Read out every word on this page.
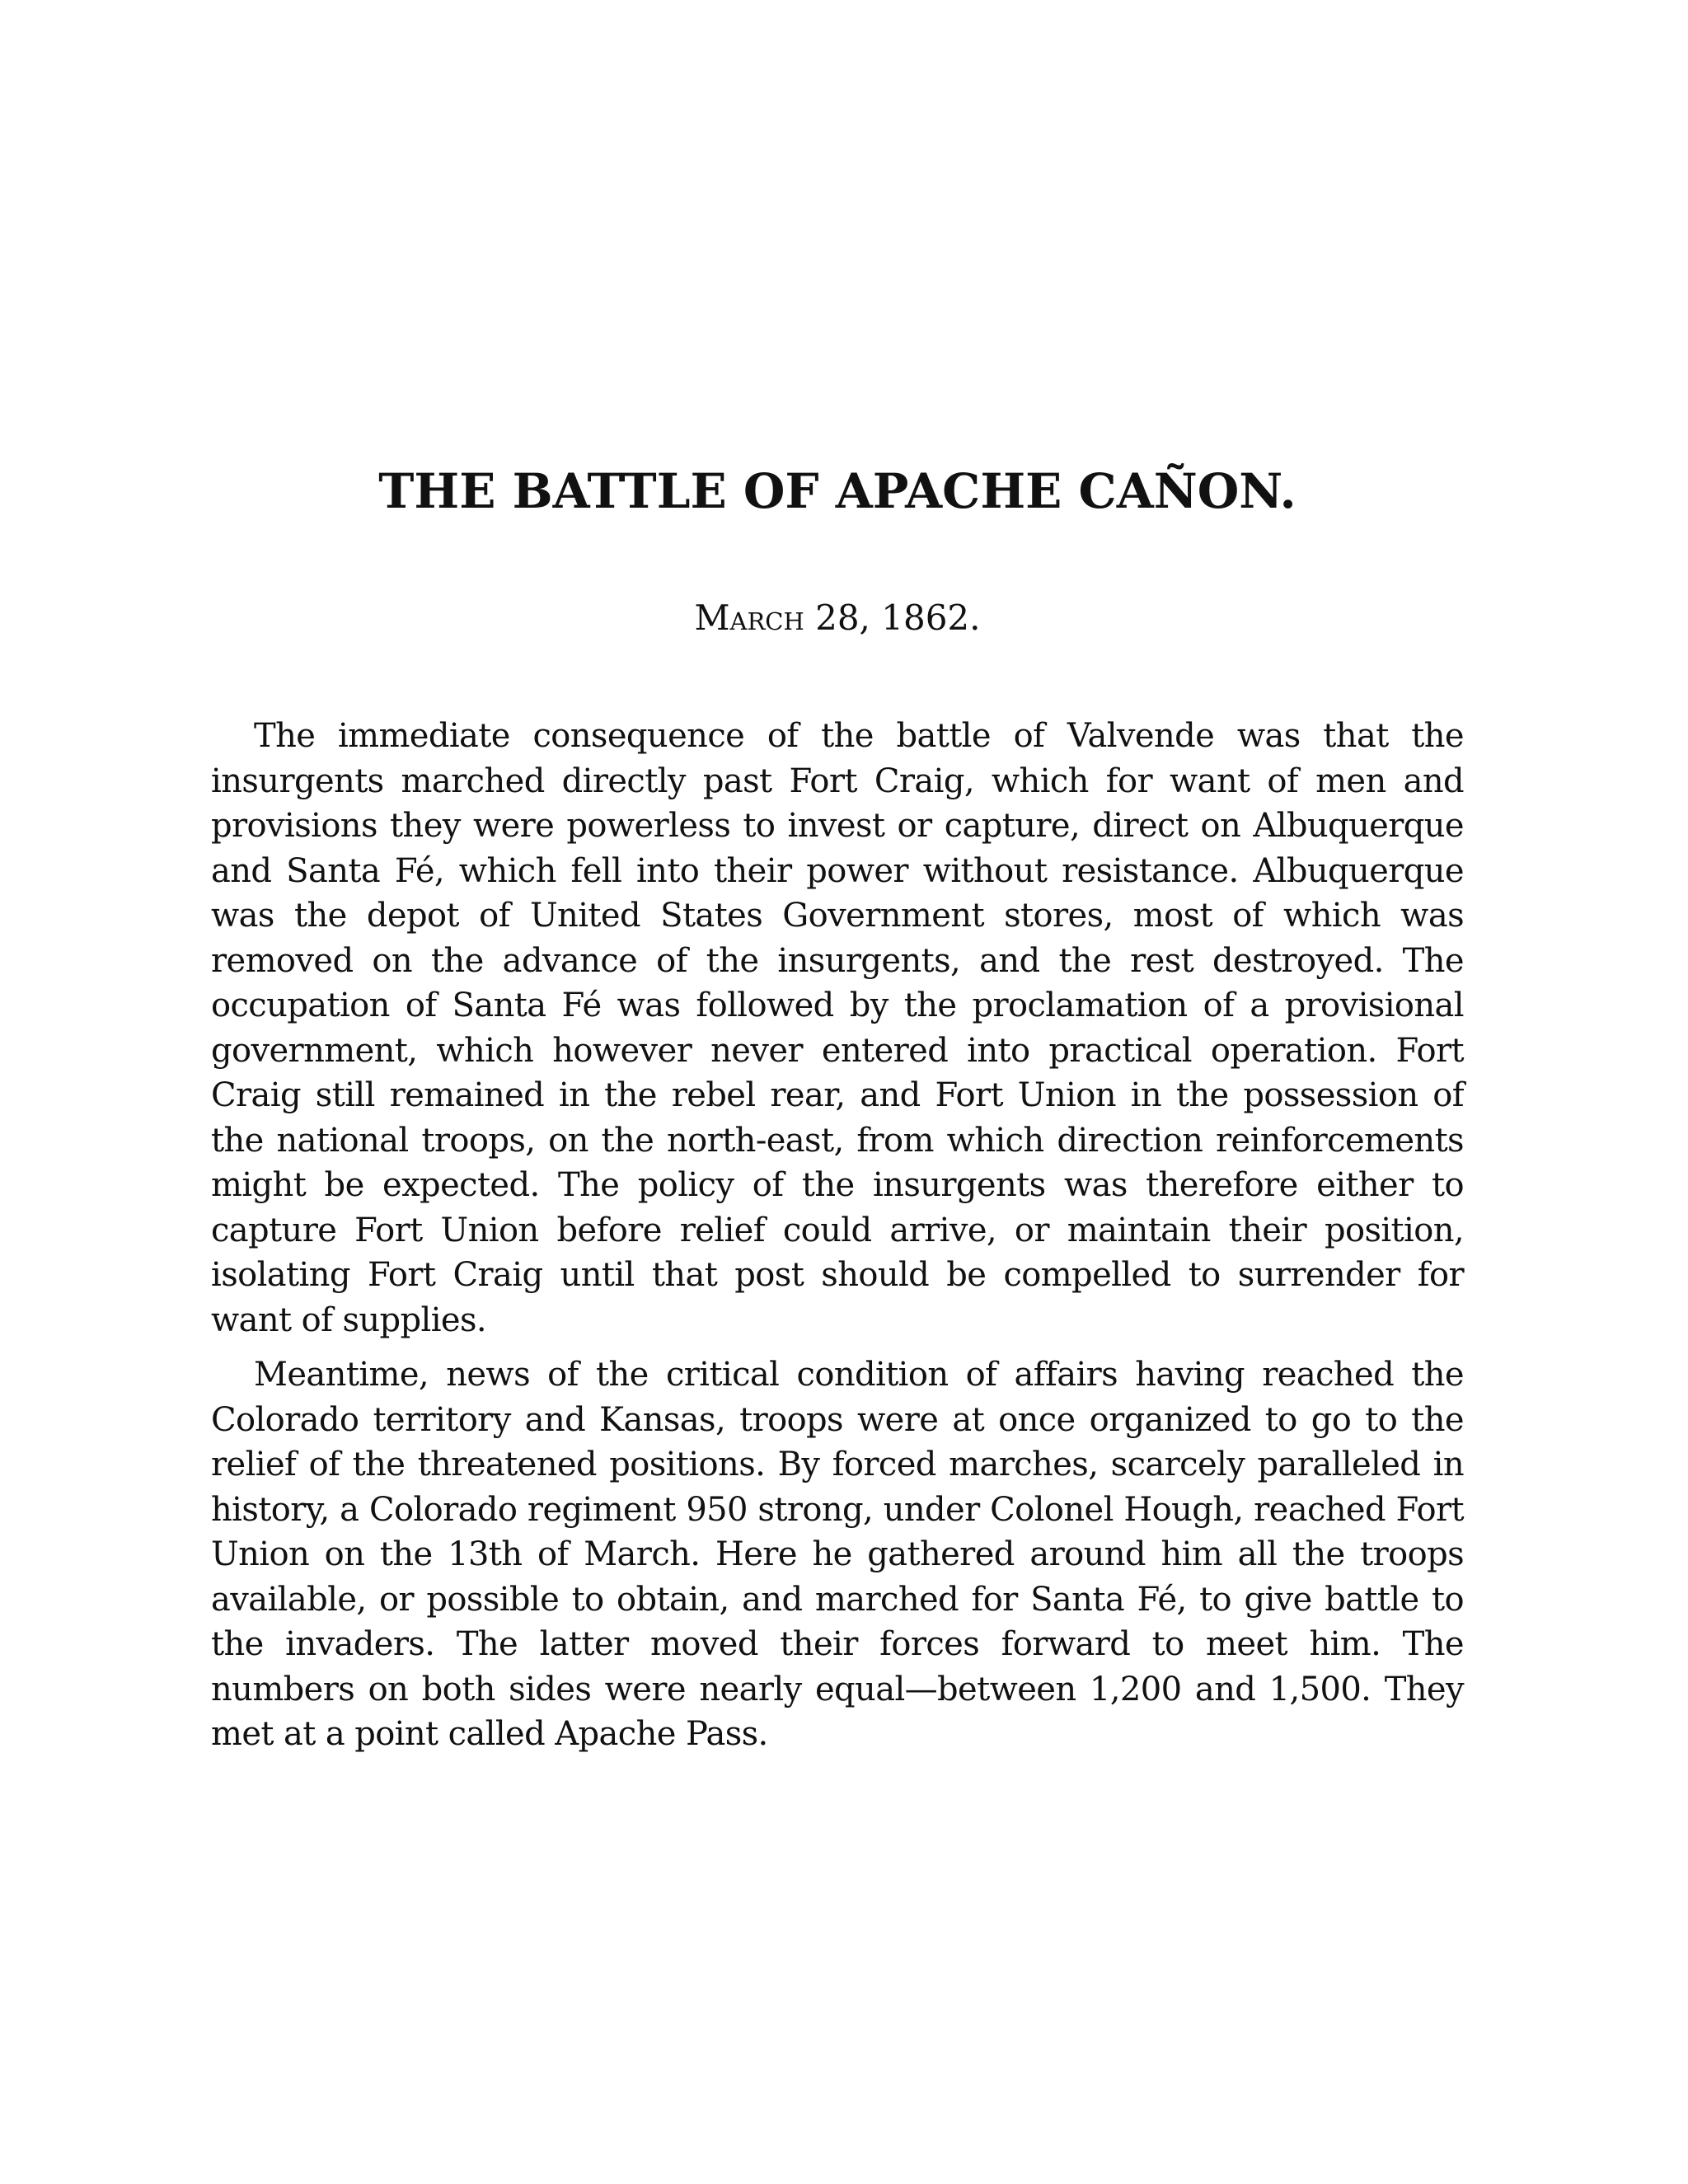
THE BATTLE OF APACHE CAÑON.

March 28, 1862.

The immediate consequence of the battle of Valvende was that the insurgents marched directly past Fort Craig, which for want of men and provisions they were powerless to invest or capture, direct on Albuquerque and Santa Fé, which fell into their power without resistance. Albuquerque was the depot of United States Government stores, most of which was removed on the advance of the insurgents, and the rest destroyed. The occupation of Santa Fé was followed by the proclamation of a provisional government, which however never entered into practical operation. Fort Craig still remained in the rebel rear, and Fort Union in the possession of the national troops, on the north-east, from which direction reinforcements might be expected. The policy of the insurgents was therefore either to capture Fort Union before relief could arrive, or maintain their position, isolating Fort Craig until that post should be compelled to surrender for want of supplies.

Meantime, news of the critical condition of affairs having reached the Colorado territory and Kansas, troops were at once organized to go to the relief of the threatened positions. By forced marches, scarcely paralleled in history, a Colorado regiment 950 strong, under Colonel Hough, reached Fort Union on the 13th of March. Here he gathered around him all the troops available, or possible to obtain, and marched for Santa Fé, to give battle to the invaders. The latter moved their forces forward to meet him. The numbers on both sides were nearly equal—between 1,200 and 1,500. They met at a point called Apache Pass.
